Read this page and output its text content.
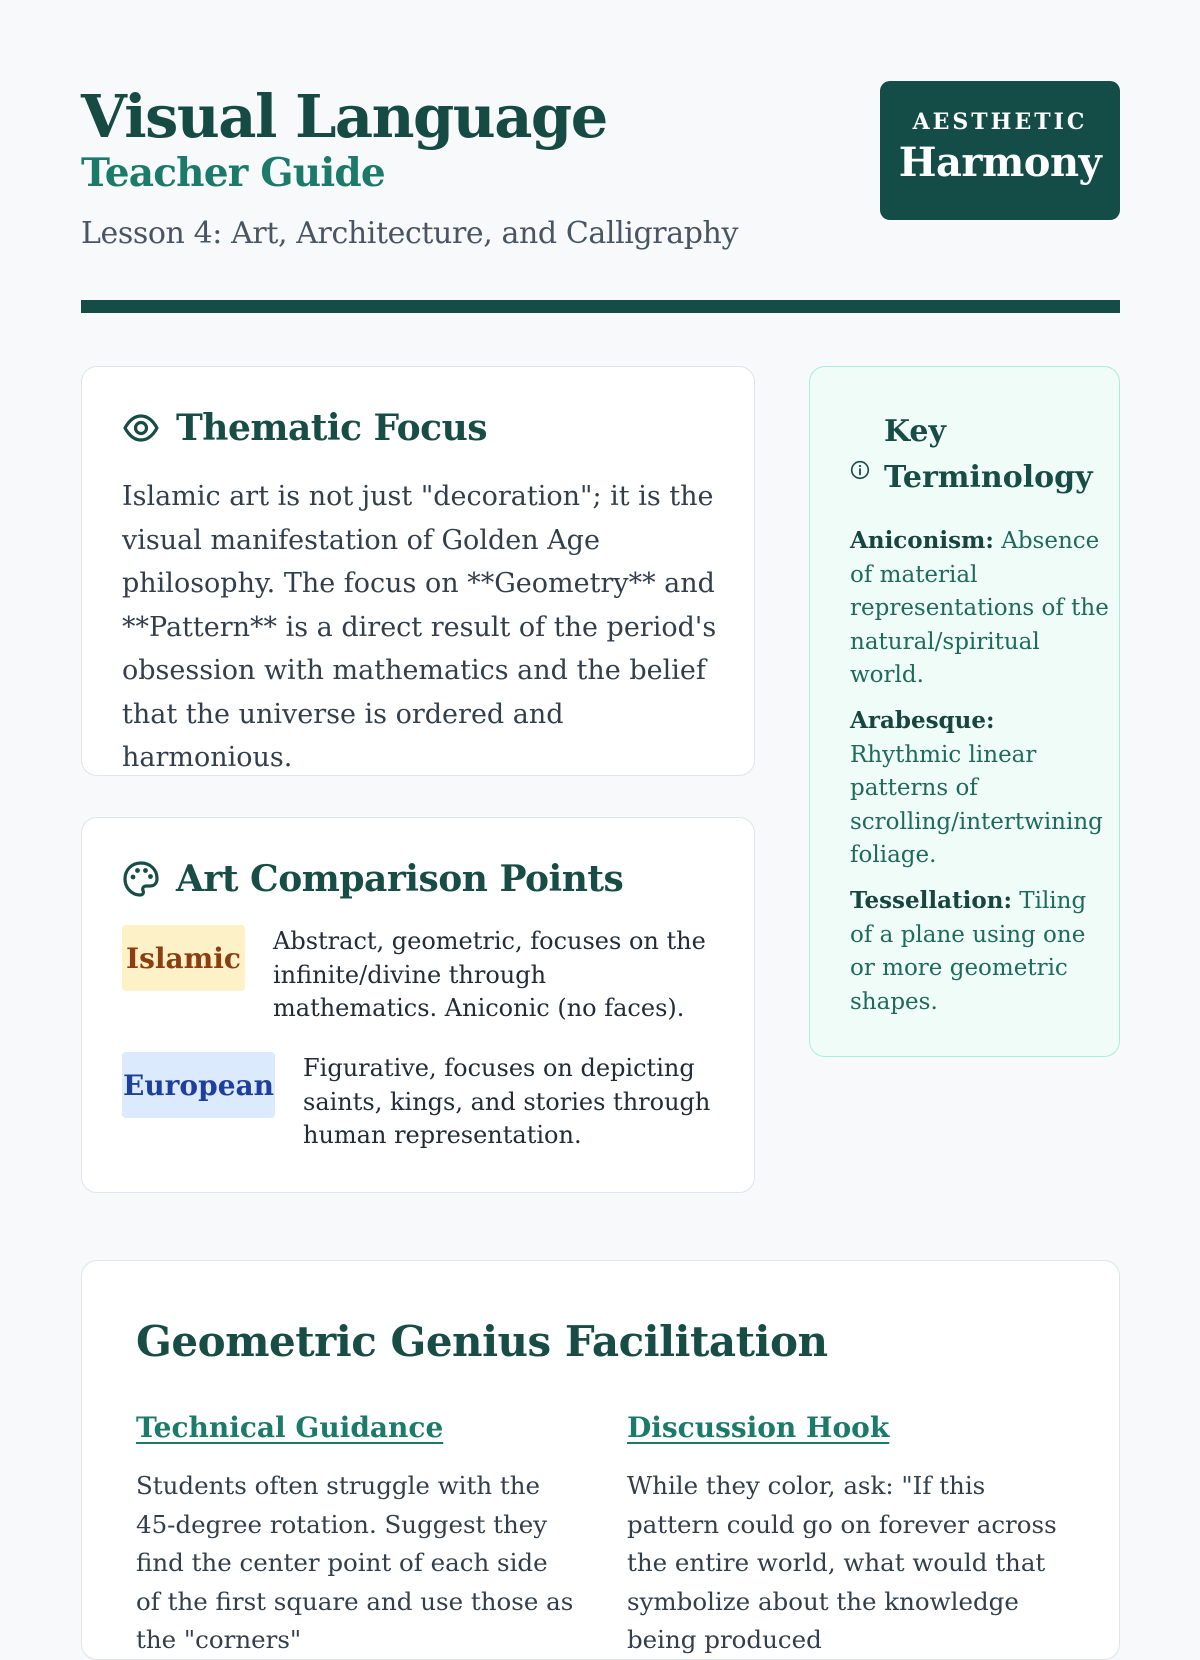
Visual Language
Teacher Guide

Lesson 4: Art, Architecture, and Calligraphy

AESTHETIC
Harmony
Thematic Focus

Islamic art is not just "decoration"; it is the visual manifestation of Golden Age philosophy. The focus on **Geometry** and **Pattern** is a direct result of the period's obsession with mathematics and the belief that the universe is ordered and harmonious.

Art Comparison Points
Islamic

Abstract, geometric, focuses on the infinite/divine through mathematics. Aniconic (no faces).

European

Figurative, focuses on depicting saints, kings, and stories through human representation.

Key Terminology

Aniconism: Absence of material representations of the natural/spiritual world.

Arabesque: Rhythmic linear patterns of scrolling/intertwining foliage.

Tessellation: Tiling of a plane using one or more geometric shapes.

Geometric Genius Facilitation
Technical Guidance

Students often struggle with the 45-degree rotation. Suggest they find the center point of each side of the first square and use those as the "corners"

Discussion Hook

While they color, ask: "If this pattern could go on forever across the entire world, what would that symbolize about the knowledge being produced
